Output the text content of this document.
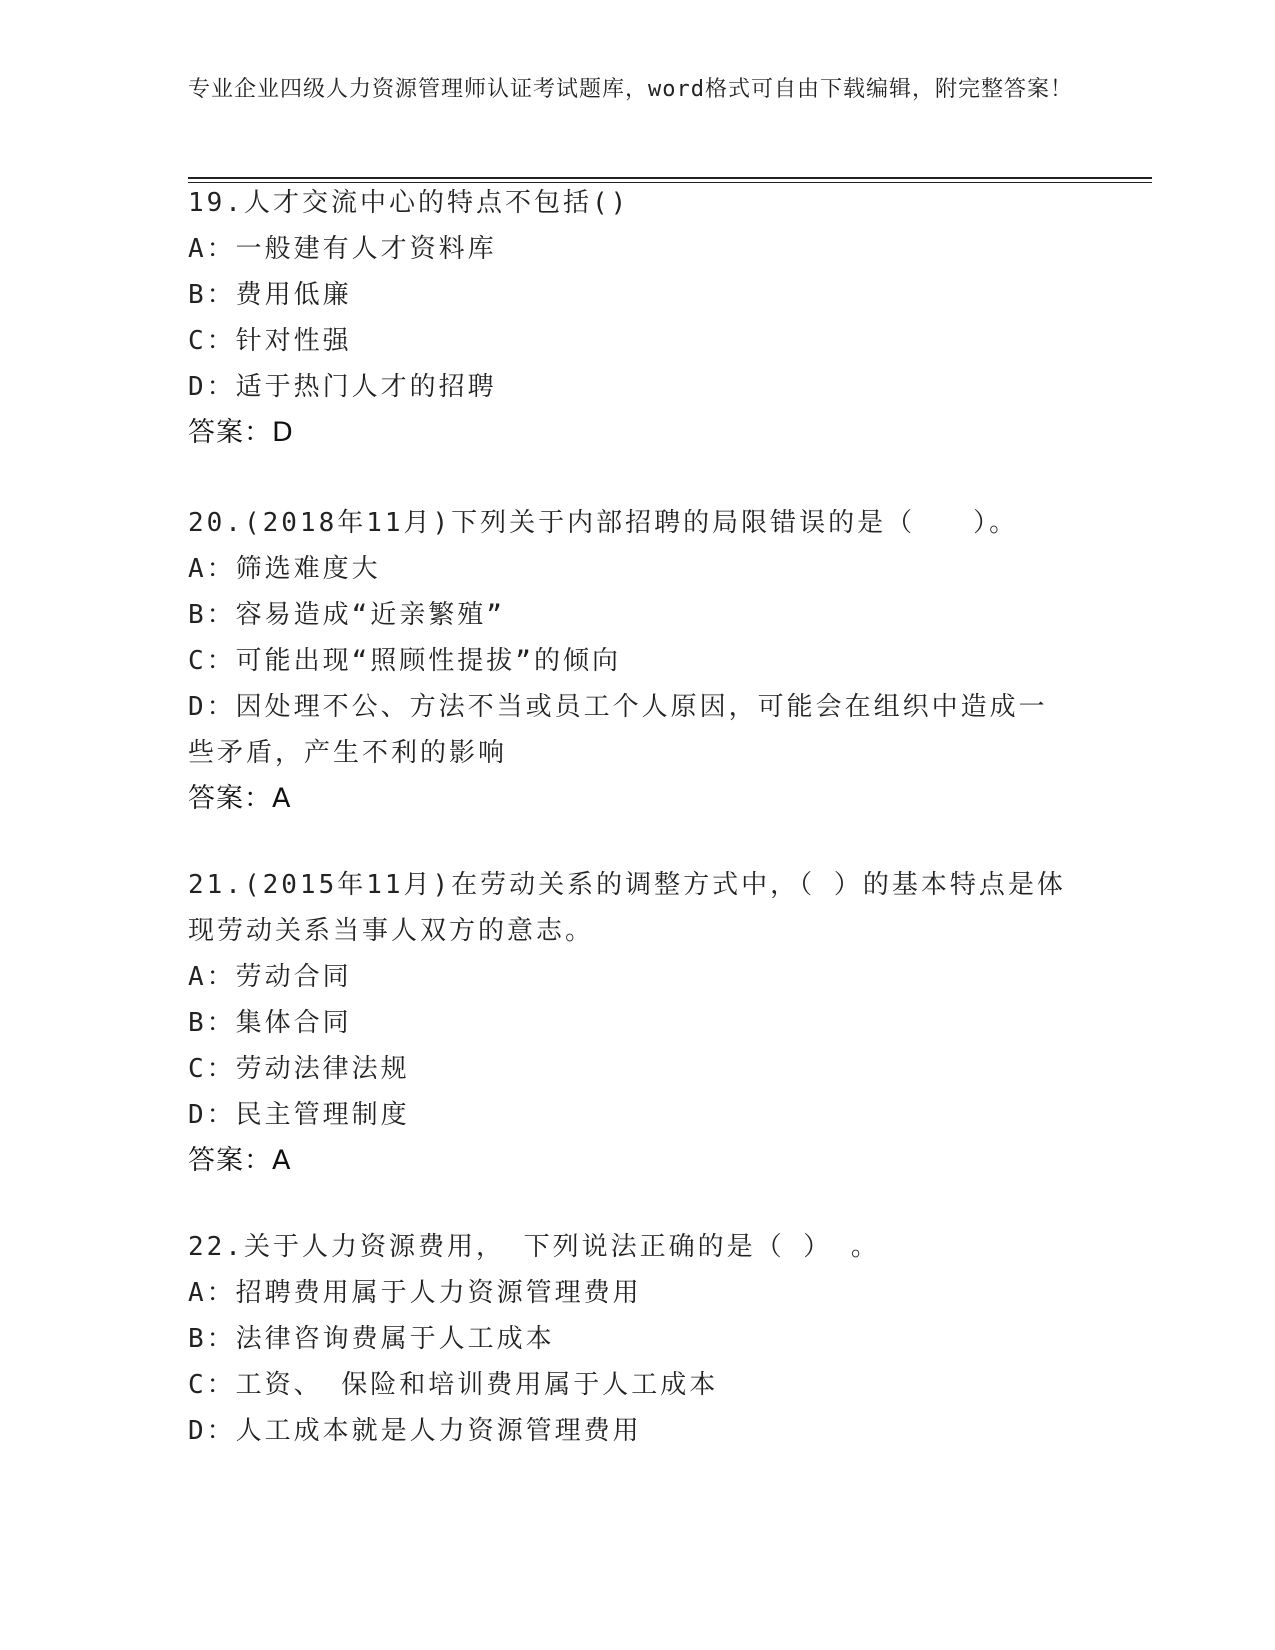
专业企业四级人力资源管理师认证考试题库，word格式可自由下载编辑，附完整答案！
19.人才交流中心的特点不包括()
A：一般建有人才资料库
B：费用低廉
C：针对性强
D：适于热门人才的招聘
答案：D
20.(2018年11月)下列关于内部招聘的局限错误的是（　　）。
A：筛选难度大
B：容易造成“近亲繁殖”
C：可能出现“照顾性提拔”的倾向
D：因处理不公、方法不当或员工个人原因，可能会在组织中造成一些矛盾，产生不利的影响
答案：A
21.(2015年11月)在劳动关系的调整方式中，（ ）的基本特点是体现劳动关系当事人双方的意志。
A：劳动合同
B：集体合同
C：劳动法律法规
D：民主管理制度
答案：A
22.关于人力资源费用， 下列说法正确的是（ ） 。
A：招聘费用属于人力资源管理费用
B：法律咨询费属于人工成本
C：工资、 保险和培训费用属于人工成本
D：人工成本就是人力资源管理费用
